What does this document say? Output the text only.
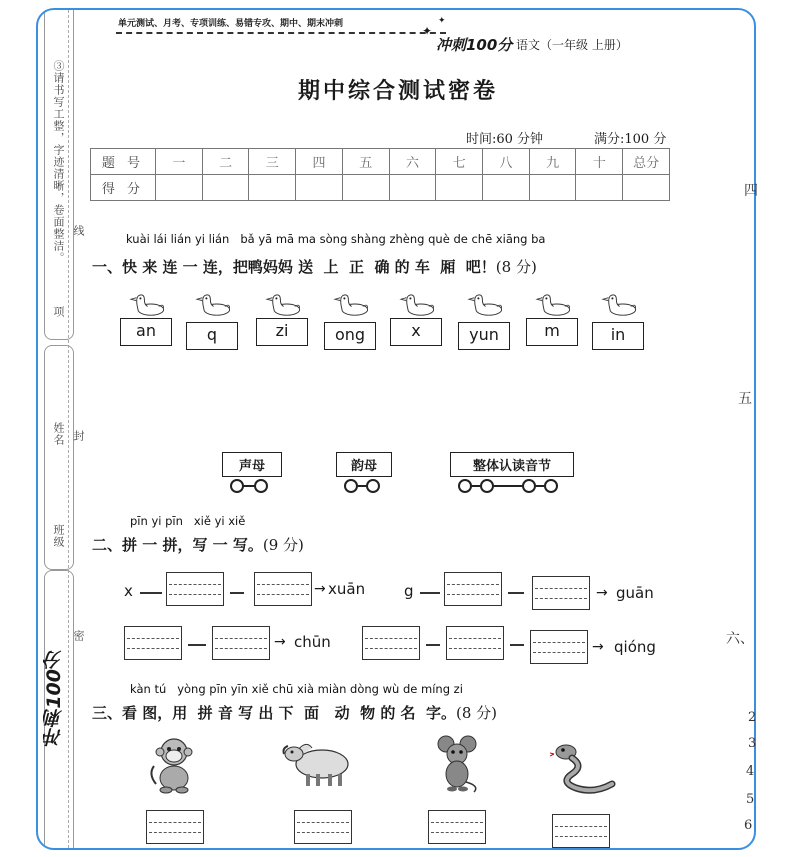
③请书写工整，字迹清晰，卷面整洁。
项
线
姓名 封
班级
密
冲刺100分
单元测试、月考、专项训练、易错专攻、期中、期末冲刺	✦
✦
冲刺100分 语文（一年级 上册）
期中综合测试密卷
时间:60 分钟	满分:100 分
题 号	一	二	三	四	五	六	七	八	九	十	总分
得 分											
kuài lái lián yi lián   bǎ yā mā ma sòng shàng zhèng què de chē xiāng ba
一、快 来 连 一 连，把鸭妈妈 送  上  正  确 的 车  厢  吧！(8 分)
an	q	zi	ong	x	yun	m	in
声母	韵母	整体认读音节
pīn yi pīn   xiě yi xiě
二、拼 一 拼，写 一 写。(9 分)
x	→ xuān	g	→ guān
→ chūn	→ qióng
kàn tú   yòng pīn yīn xiě chū xià miàn dòng wù de míng zi
三、看 图，用  拼 音 写 出 下  面   动  物 的 名  字。(8 分)
四
五
六、
2
3
4
5
6
